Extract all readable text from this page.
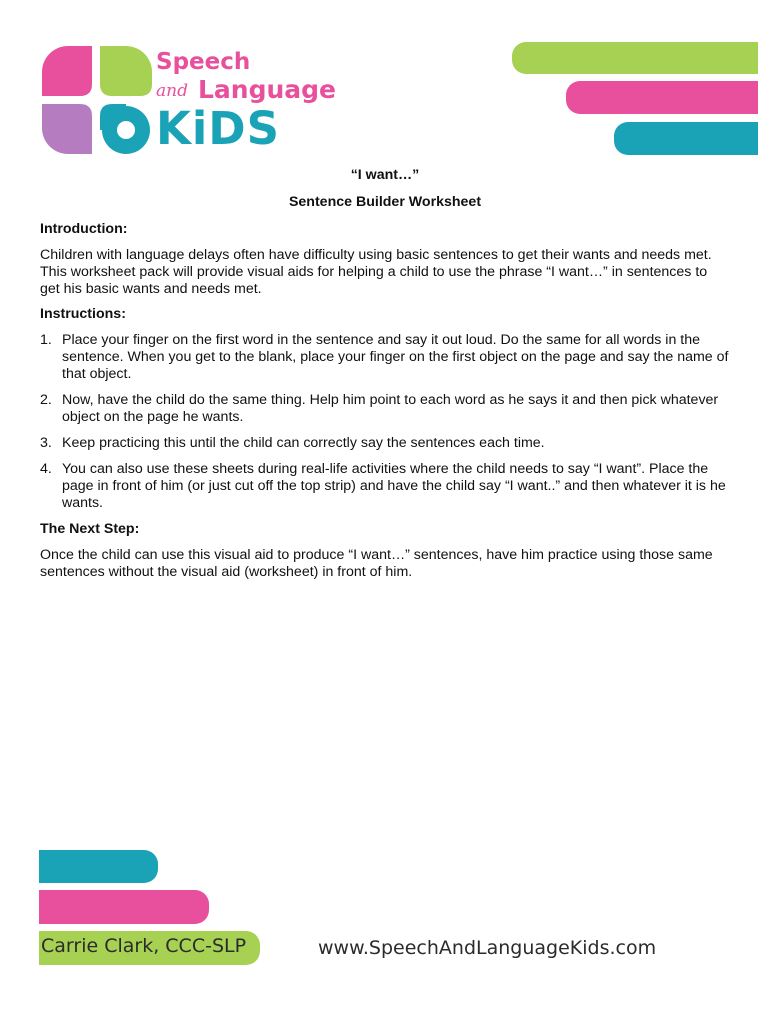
Speech
and Language
KiDS
“I want…”
Sentence Builder Worksheet
Introduction:

Children with language delays often have difficulty using basic sentences to get their wants and needs met. This worksheet pack will provide visual aids for helping a child to use the phrase “I want…” in sentences to get his basic wants and needs met.

Instructions:
1. Place your finger on the first word in the sentence and say it out loud. Do the same for all words in the sentence. When you get to the blank, place your finger on the first object on the page and say the name of that object.
2. Now, have the child do the same thing. Help him point to each word as he says it and then pick whatever object on the page he wants.
3. Keep practicing this until the child can correctly say the sentences each time.
4. You can also use these sheets during real-life activities where the child needs to say “I want”. Place the page in front of him (or just cut off the top strip) and have the child say “I want..” and then whatever it is he wants.
The Next Step:

Once the child can use this visual aid to produce “I want…” sentences, have him practice using those same sentences without the visual aid (worksheet) in front of him.

Carrie Clark, CCC-SLP	www.SpeechAndLanguageKids.com
